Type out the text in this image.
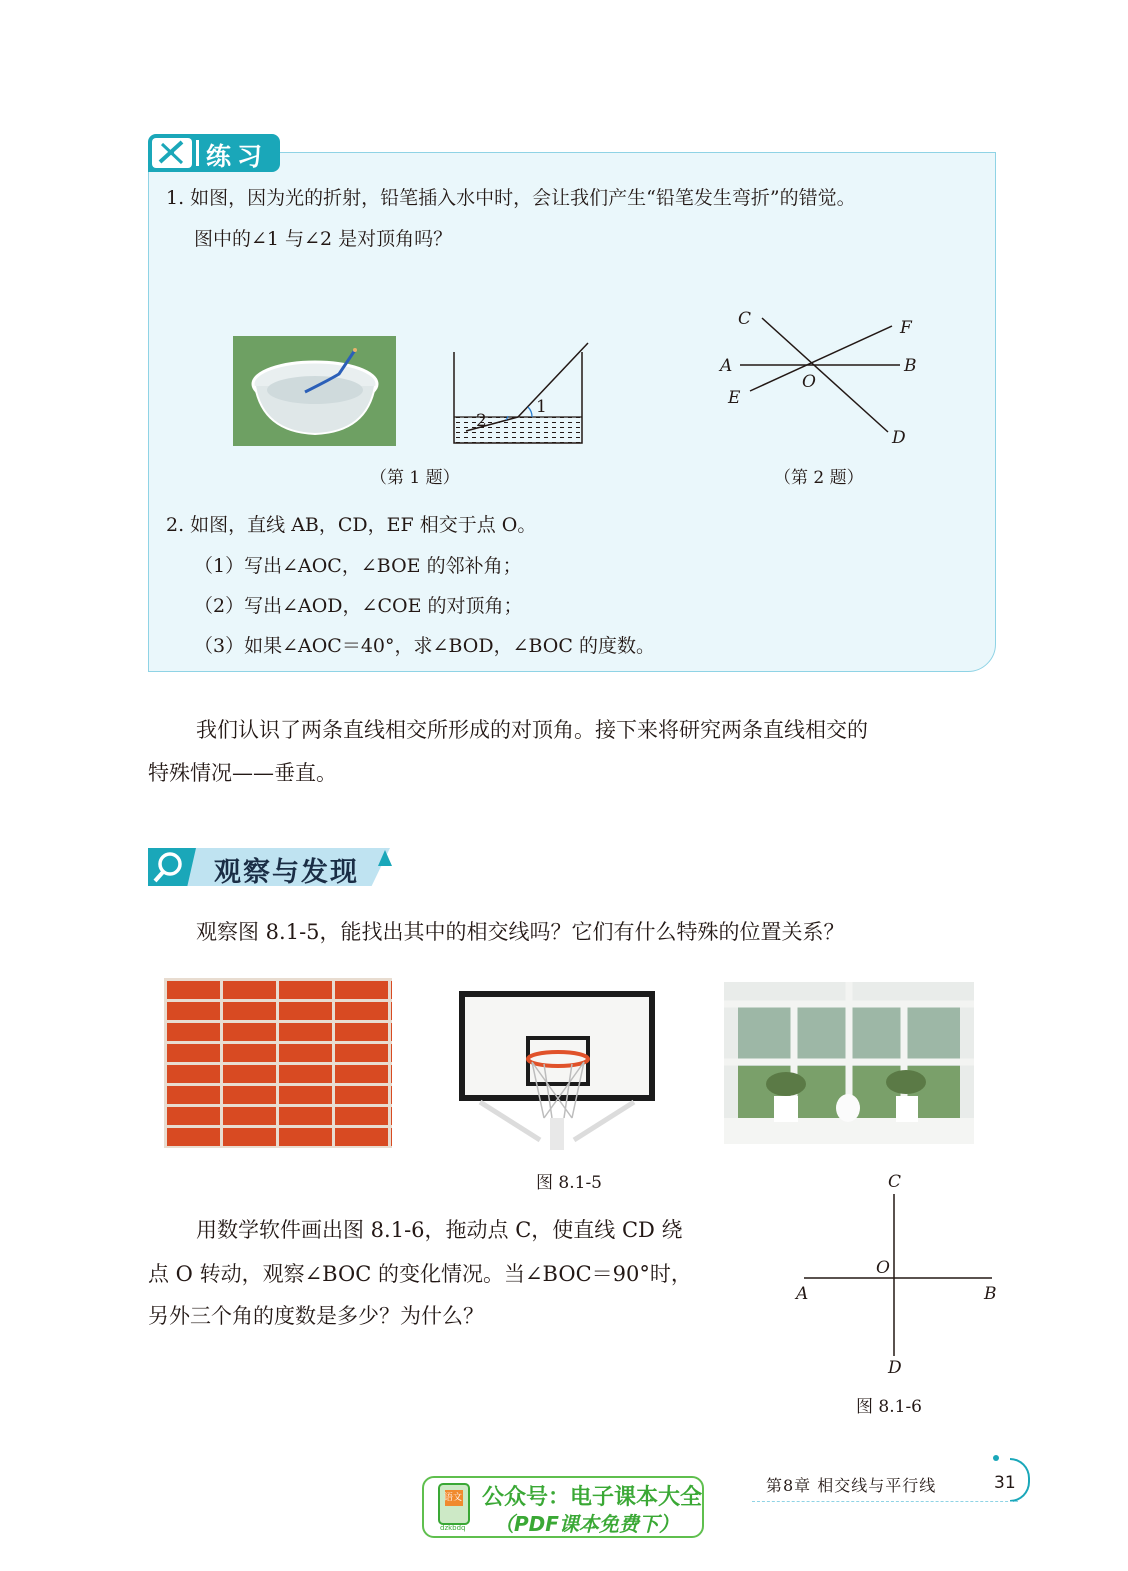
练习
1. 如图，因为光的折射，铅笔插入水中时，会让我们产生“铅笔发生弯折”的错觉。
图中的∠1 与∠2 是对顶角吗？
1
2
（第 1 题）
C	F
A	B
O
E
D
（第 2 题）
2. 如图，直线 AB，CD，EF 相交于点 O。
（1）写出∠AOC，∠BOE 的邻补角；
（2）写出∠AOD，∠COE 的对顶角；
（3）如果∠AOC＝40°，求∠BOD，∠BOC 的度数。
我们认识了两条直线相交所形成的对顶角。接下来将研究两条直线相交的
特殊情况——垂直。
观察与发现
观察图 8.1-5，能找出其中的相交线吗？它们有什么特殊的位置关系？
图 8.1-5
用数学软件画出图 8.1-6，拖动点 C，使直线 CD 绕
点 O 转动，观察∠BOC 的变化情况。当∠BOC＝90°时，
另外三个角的度数是多少？为什么？
C
O
A	B
D
图 8.1-6
语文
dzkbdq
公众号：电子课本大全
（PDF课本免费下）
第8章 相交线与平行线	31
